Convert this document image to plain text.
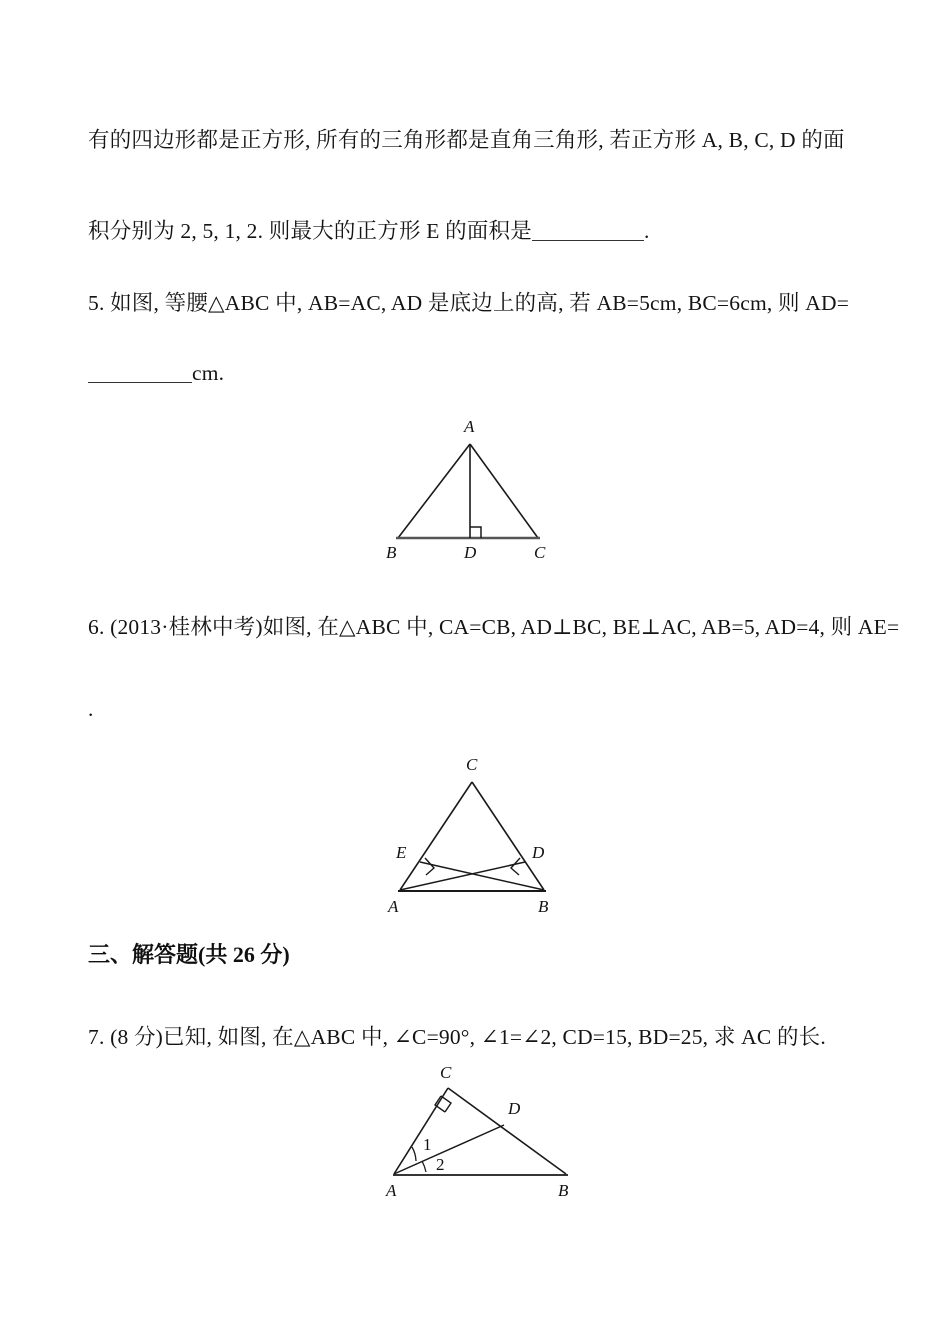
有的四边形都是正方形, 所有的三角形都是直角三角形, 若正方形 A, B, C, D 的面
积分别为 2, 5, 1, 2. 则最大的正方形 E 的面积是	.
5. 如图, 等腰△ABC 中, AB=AC, AD 是底边上的高, 若 AB=5cm, BC=6cm, 则 AD=
cm.
A
B	D	C
6. (2013·桂林中考)如图, 在△ABC 中, CA=CB, AD⊥BC, BE⊥AC, AB=5, AD=4, 则 AE=
.
C
E	D
A	B
三、解答题(共 26 分)
7. (8 分)已知, 如图, 在△ABC 中, ∠C=90°, ∠1=∠2, CD=15, BD=25, 求 AC 的长.
1
2
C
D
A	B
